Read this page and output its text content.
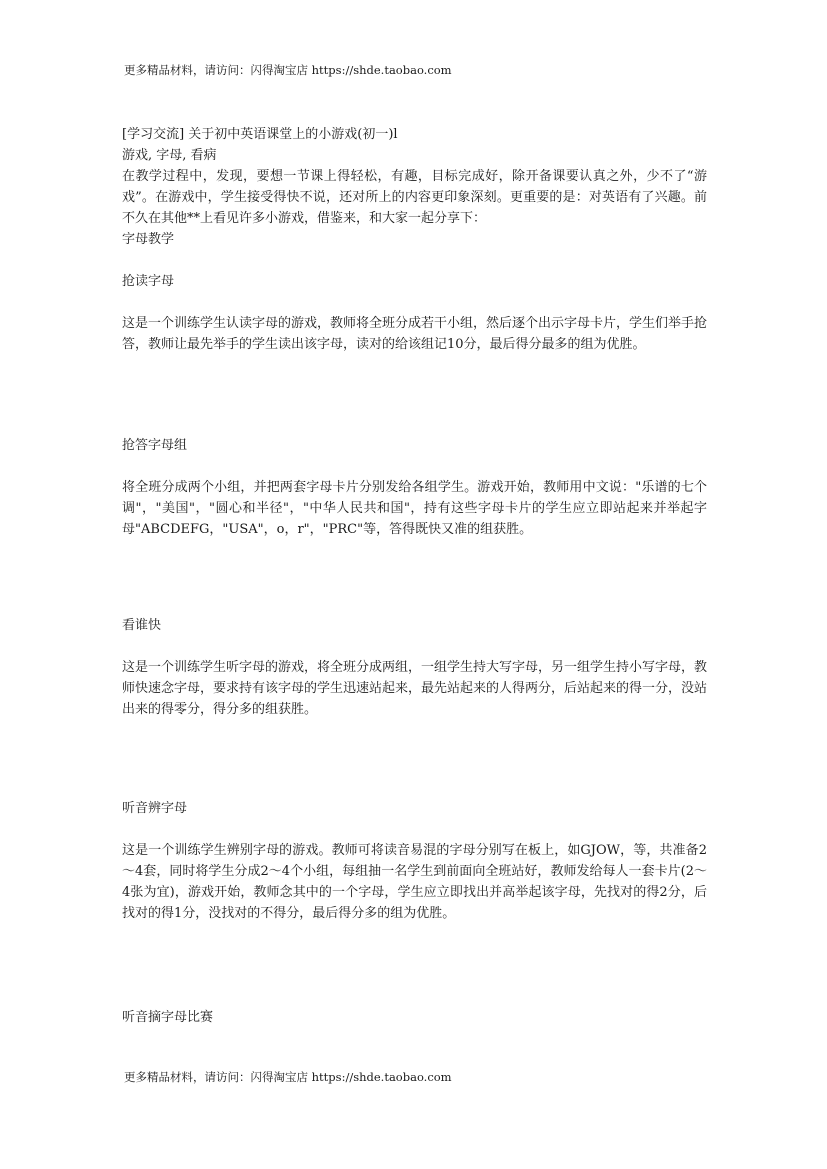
更多精品材料，请访问：闪得淘宝店 https://shde.taobao.com

[学习交流] 关于初中英语课堂上的小游戏(初一)l

游戏, 字母, 看病

在教学过程中，发现，要想一节课上得轻松，有趣，目标完成好，除开备课要认真之外，少不了“游戏”。在游戏中，学生接受得快不说，还对所上的内容更印象深刻。更重要的是：对英语有了兴趣。前不久在其他**上看见许多小游戏，借鉴来，和大家一起分享下：

字母教学

抢读字母

这是一个训练学生认读字母的游戏，教师将全班分成若干小组，然后逐个出示字母卡片，学生们举手抢答，教师让最先举手的学生读出该字母，读对的给该组记10分，最后得分最多的组为优胜。

抢答字母组

将全班分成两个小组，并把两套字母卡片分别发给各组学生。游戏开始，教师用中文说："乐谱的七个调"，"美国"，"圆心和半径"，"中华人民共和国"，持有这些字母卡片的学生应立即站起来并举起字母"ABCDEFG，"USA"，o，r"，"PRC"等，答得既快又准的组获胜。

看谁快

这是一个训练学生听字母的游戏，将全班分成两组，一组学生持大写字母，另一组学生持小写字母，教师快速念字母，要求持有该字母的学生迅速站起来，最先站起来的人得两分，后站起来的得一分，没站出来的得零分，得分多的组获胜。

听音辨字母

这是一个训练学生辨别字母的游戏。教师可将读音易混的字母分别写在板上，如GJOW，等，共准备2～4套，同时将学生分成2～4个小组，每组抽一名学生到前面向全班站好，教师发给每人一套卡片(2～4张为宜)，游戏开始，教师念其中的一个字母，学生应立即找出并高举起该字母，先找对的得2分，后找对的得1分，没找对的不得分，最后得分多的组为优胜。

听音摘字母比赛

更多精品材料，请访问：闪得淘宝店 https://shde.taobao.com
